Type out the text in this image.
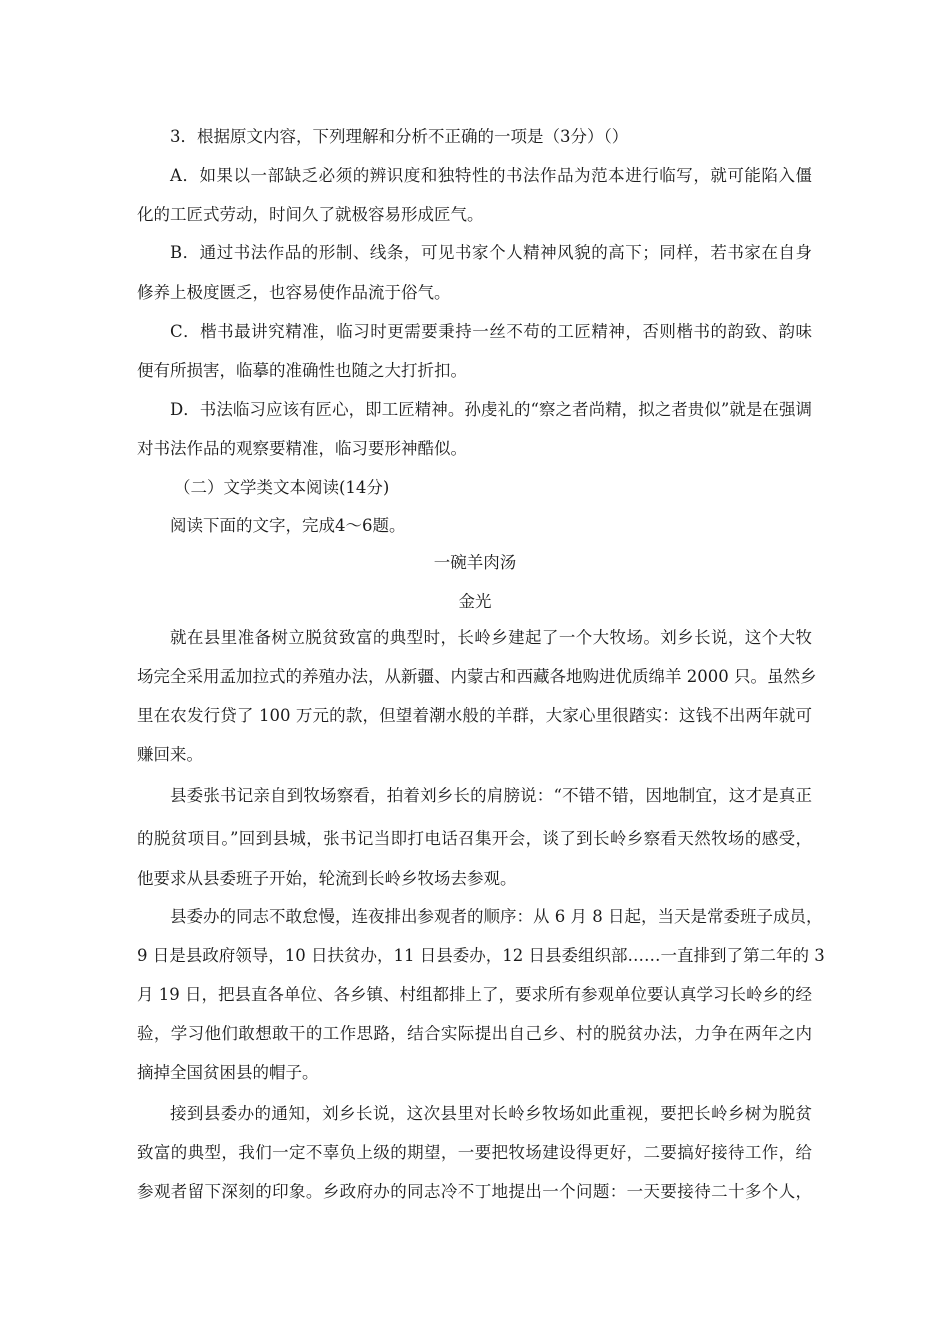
3．根据原文内容，下列理解和分析不正确的一项是（3分）（）
A．如果以一部缺乏必须的辨识度和独特性的书法作品为范本进行临写，就可能陷入僵
化的工匠式劳动，时间久了就极容易形成匠气。
B．通过书法作品的形制、线条，可见书家个人精神风貌的高下；同样，若书家在自身
修养上极度匮乏，也容易使作品流于俗气。
C．楷书最讲究精准，临习时更需要秉持一丝不苟的工匠精神，否则楷书的韵致、韵味
便有所损害，临摹的准确性也随之大打折扣。
D．书法临习应该有匠心，即工匠精神。孙虔礼的“察之者尚精，拟之者贵似”就是在强调
对书法作品的观察要精准，临习要形神酷似。
（二）文学类文本阅读(14分)
阅读下面的文字，完成4～6题。
一碗羊肉汤
金光
就在县里准备树立脱贫致富的典型时，长岭乡建起了一个大牧场。刘乡长说，这个大牧
场完全采用孟加拉式的养殖办法，从新疆、内蒙古和西藏各地购进优质绵羊 2000 只。虽然乡
里在农发行贷了 100 万元的款，但望着潮水般的羊群，大家心里很踏实：这钱不出两年就可
赚回来。
县委张书记亲自到牧场察看，拍着刘乡长的肩膀说：“不错不错，因地制宜，这才是真正
的脱贫项目。”回到县城，张书记当即打电话召集开会，谈了到长岭乡察看天然牧场的感受，
他要求从县委班子开始，轮流到长岭乡牧场去参观。
县委办的同志不敢怠慢，连夜排出参观者的顺序：从 6 月 8 日起，当天是常委班子成员，
9 日是县政府领导，10 日扶贫办，11 日县委办，12 日县委组织部……一直排到了第二年的 3
月 19 日，把县直各单位、各乡镇、村组都排上了，要求所有参观单位要认真学习长岭乡的经
验，学习他们敢想敢干的工作思路，结合实际提出自己乡、村的脱贫办法，力争在两年之内
摘掉全国贫困县的帽子。
接到县委办的通知，刘乡长说，这次县里对长岭乡牧场如此重视，要把长岭乡树为脱贫
致富的典型，我们一定不辜负上级的期望，一要把牧场建设得更好，二要搞好接待工作，给
参观者留下深刻的印象。乡政府办的同志冷不丁地提出一个问题：一天要接待二十多个人，
